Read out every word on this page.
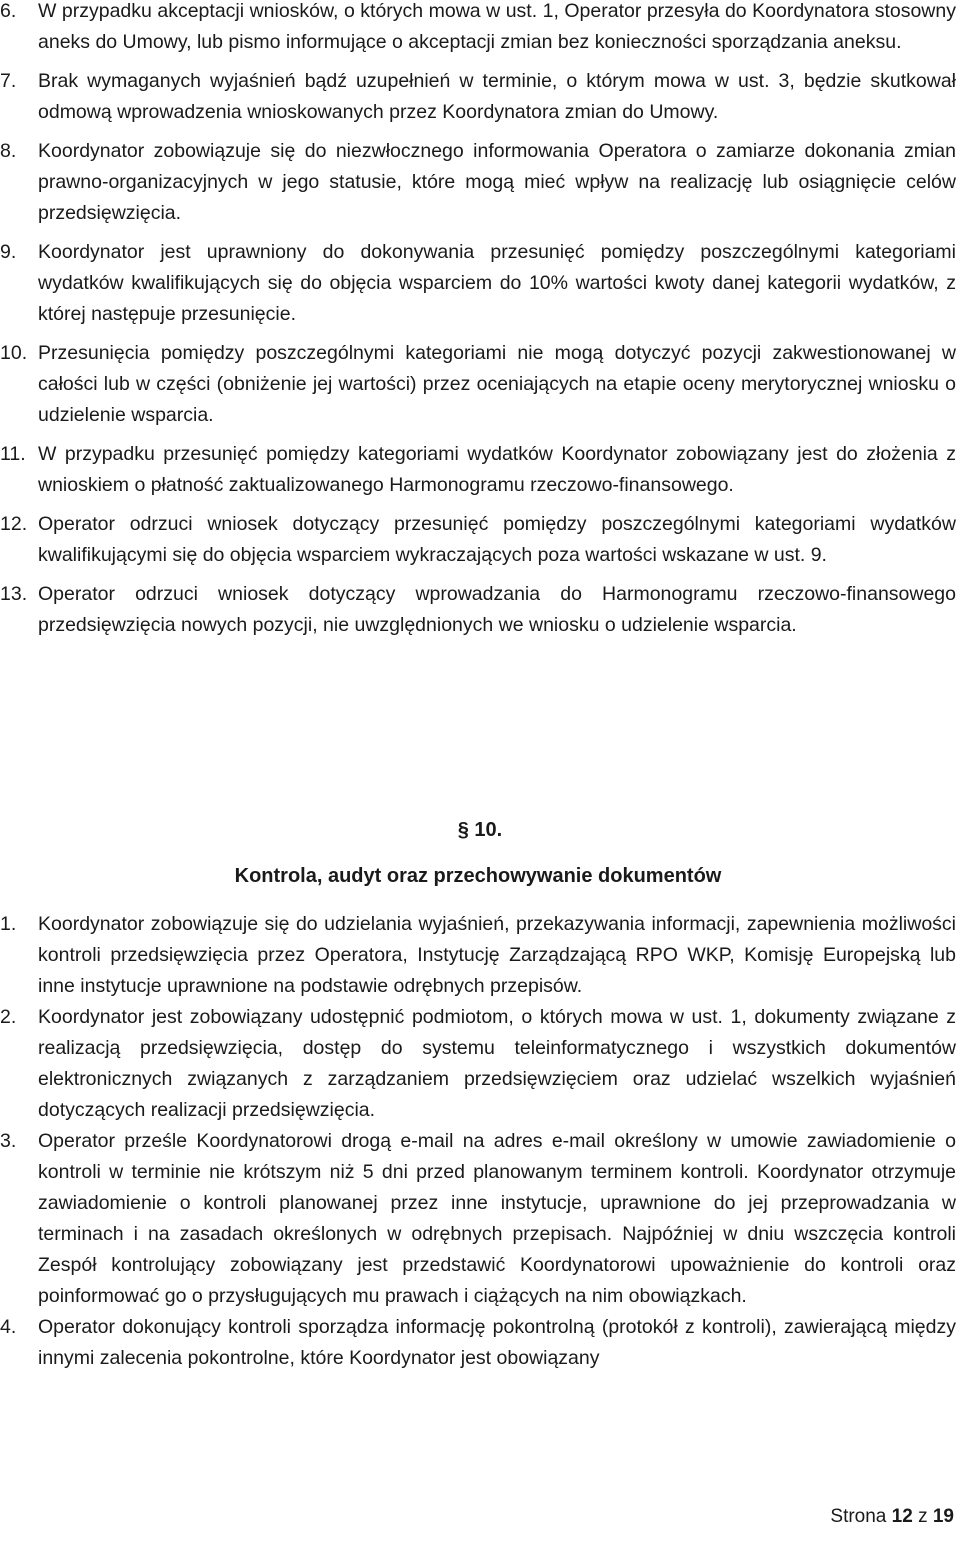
6.	W przypadku akceptacji wniosków, o których mowa w ust. 1, Operator przesyła do Koordynatora stosowny aneks do Umowy, lub pismo informujące o akceptacji zmian bez konieczności sporządzania aneksu.
7.	Brak wymaganych wyjaśnień bądź uzupełnień w terminie, o którym mowa w ust. 3, będzie skutkował odmową wprowadzenia wnioskowanych przez Koordynatora zmian do Umowy.
8.	Koordynator zobowiązuje się do niezwłocznego informowania Operatora o zamiarze dokonania zmian prawno-organizacyjnych w jego statusie, które mogą mieć wpływ na realizację lub osiągnięcie celów przedsięwzięcia.
9.	Koordynator jest uprawniony do dokonywania przesunięć pomiędzy poszczególnymi kategoriami wydatków kwalifikujących się do objęcia wsparciem do 10% wartości kwoty danej kategorii wydatków, z której następuje przesunięcie.
10. Przesunięcia pomiędzy poszczególnymi kategoriami nie mogą dotyczyć pozycji zakwestionowanej w całości lub w części (obniżenie jej wartości) przez oceniających na etapie oceny merytorycznej wniosku o udzielenie wsparcia.
11. W przypadku przesunięć pomiędzy kategoriami wydatków Koordynator zobowiązany jest do złożenia z wnioskiem o płatność zaktualizowanego Harmonogramu rzeczowo-finansowego.
12. Operator odrzuci wniosek dotyczący przesunięć pomiędzy poszczególnymi kategoriami wydatków kwalifikującymi się do objęcia wsparciem wykraczających poza wartości wskazane w ust. 9.
13. Operator odrzuci wniosek dotyczący wprowadzania do Harmonogramu rzeczowo-finansowego przedsięwzięcia nowych pozycji, nie uwzględnionych we wniosku o udzielenie wsparcia.
§ 10.
Kontrola, audyt oraz przechowywanie dokumentów
1.	Koordynator zobowiązuje się do udzielania wyjaśnień, przekazywania informacji, zapewnienia możliwości kontroli przedsięwzięcia przez Operatora, Instytucję Zarządzającą RPO WKP, Komisję Europejską lub inne instytucje uprawnione na podstawie odrębnych przepisów.
2.	Koordynator jest zobowiązany udostępnić podmiotom, o których mowa w ust. 1, dokumenty związane z realizacją przedsięwzięcia, dostęp do systemu teleinformatycznego i wszystkich dokumentów elektronicznych związanych z zarządzaniem przedsięwzięciem oraz udzielać wszelkich wyjaśnień dotyczących realizacji przedsięwzięcia.
3.	Operator prześle Koordynatorowi drogą e-mail na adres e-mail określony w umowie zawiadomienie o kontroli w terminie nie krótszym niż 5 dni przed planowanym terminem kontroli. Koordynator otrzymuje zawiadomienie o kontroli planowanej przez inne instytucje, uprawnione do jej przeprowadzania w terminach i na zasadach określonych w odrębnych przepisach. Najpóźniej w dniu wszczęcia kontroli Zespół kontrolujący zobowiązany jest przedstawić Koordynatorowi upoważnienie do kontroli oraz poinformować go o przysługujących mu prawach i ciążących na nim obowiązkach.
4.	Operator dokonujący kontroli sporządza informację pokontrolną (protokół z kontroli), zawierającą między innymi zalecenia pokontrolne, które Koordynator jest obowiązany
Strona 12 z 19
